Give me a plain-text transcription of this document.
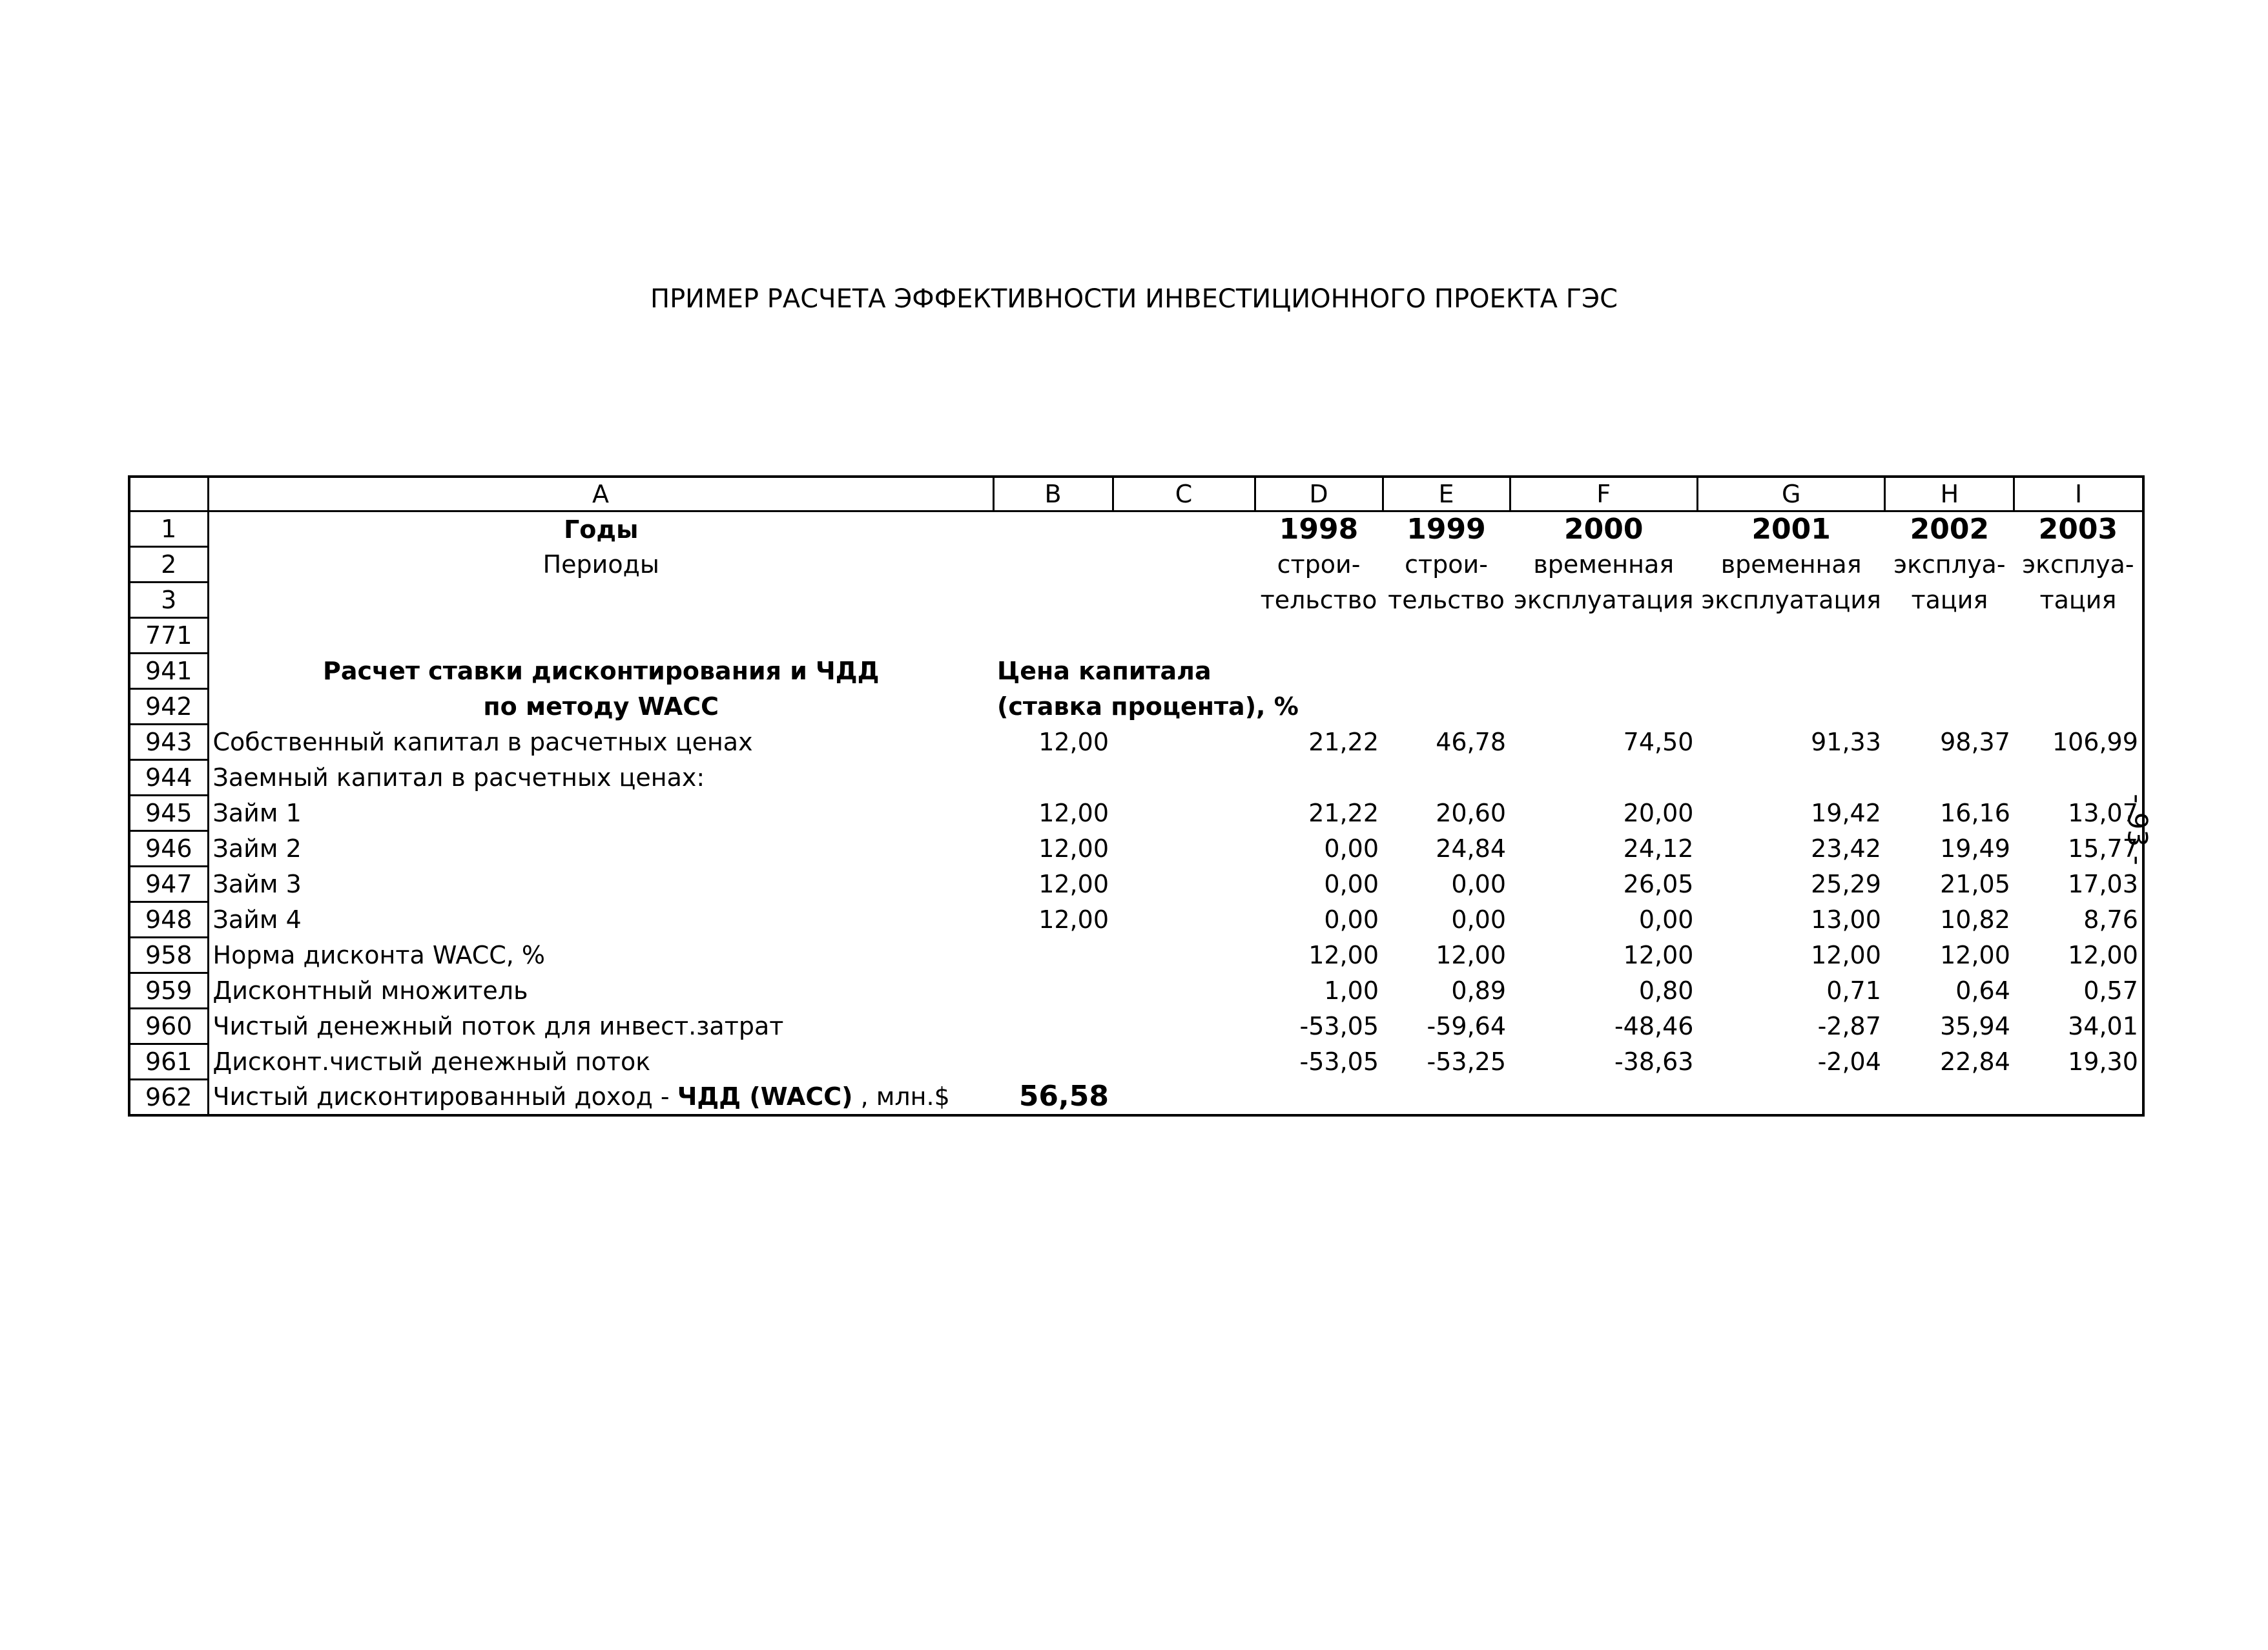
ПРИМЕР РАСЧЕТА ЭФФЕКТИВНОСТИ ИНВЕСТИЦИОННОГО ПРОЕКТА ГЭС
- 93 -
	A	B	C	D	E	F	G	H	I
1	Годы			1998	1999	2000	2001	2002	2003
2	Периоды			строи-	строи-	временная	временная	эксплуа-	эксплуа-
3				тельство	тельство	эксплуатация	эксплуатация	тация	тация
771									
941	Расчет ставки дисконтирования и ЧДД	Цена капитала							
942	по методу WACC	(ставка процента), %							
943	Собственный капитал в расчетных ценах	12,00		21,22	46,78	74,50	91,33	98,37	106,99
944	Заемный капитал в расчетных ценах:								
945	Займ 1	12,00		21,22	20,60	20,00	19,42	16,16	13,07
946	Займ 2	12,00		0,00	24,84	24,12	23,42	19,49	15,77
947	Займ 3	12,00		0,00	0,00	26,05	25,29	21,05	17,03
948	Займ 4	12,00		0,00	0,00	0,00	13,00	10,82	8,76
958	Норма дисконта WACC, %			12,00	12,00	12,00	12,00	12,00	12,00
959	Дисконтный множитель			1,00	0,89	0,80	0,71	0,64	0,57
960	Чистый денежный поток для инвест.затрат			-53,05	-59,64	-48,46	-2,87	35,94	34,01
961	Дисконт.чистый денежный поток			-53,05	-53,25	-38,63	-2,04	22,84	19,30
962	Чистый дисконтированный доход - ЧДД (WACC) , млн.$	56,58							
